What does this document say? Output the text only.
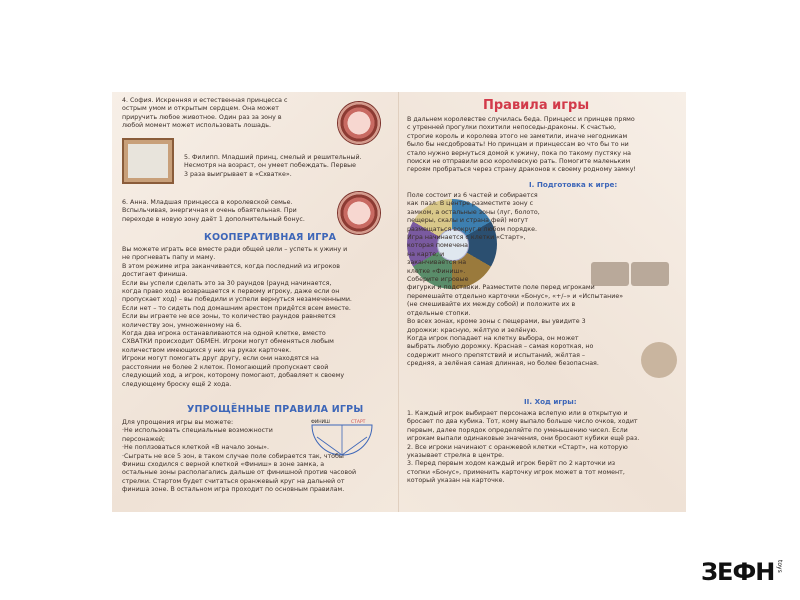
4. София. Искренняя и естественная принцесса с
острым умом и открытым сердцем. Она может
приручить любое животное. Один раз за зону в
любой момент может использовать лошадь.
5. Филипп. Младший принц, смелый и решительный.
Несмотря на возраст, он умеет побеждать. Первые
3 раза выигрывает в «Схватке».
6. Анна. Младшая принцесса в королевской семье.
Вспыльчивая, энергичная и очень обаятельная. При
переходе в новую зону даёт 1 дополнительный бонус.
КООПЕРАТИВНАЯ ИГРА
Вы можете играть все вместе ради общей цели – успеть к ужину и
не прогневать папу и маму.
В этом режиме игра заканчивается, когда последний из игроков
достигает финиша.
Если вы успели сделать это за 30 раундов (раунд начинается,
когда право хода возвращается к первому игроку, даже если он
пропускает ход) – вы победили и успели вернуться незамеченными.
Если нет – то сидеть под домашним арестом придётся всем вместе.
Если вы играете не все зоны, то количество раундов равняется
количеству зон, умноженному на 6.
Когда два игрока останавливаются на одной клетке, вместо
СХВАТКИ происходит ОБМЕН. Игроки могут обменяться любым
количеством имеющихся у них на руках карточек.
Игроки могут помогать друг другу, если они находятся на
расстоянии не более 2 клеток. Помогающий пропускает свой
следующий ход, а игрок, которому помогают, добавляет к своему
следующему броску ещё 2 хода.
УПРОЩЁННЫЕ ПРАВИЛА ИГРЫ
ФИНИШ	СТАРТ
Для упрощения игры вы можете:
·Не использовать специальные возможности
персонажей;
·Не поплзоваться клеткой «В начало зоны».
·Сыграть не все 5 зон, в таком случае поле собирается так, чтобы
Финиш сходился с верной клеткой «Финиш» в зоне замка, а
остальные зоны располагались дальше от финишной против часовой
стрелки. Стартом будет считаться оранжевый круг на дальней от
финиша зоне. В остальном игра проходит по основным правилам.
Правила игры
В дальнем королевстве случилась беда. Принцесс и принцев прямо
с утренней прогулки похитили непоседы-драконы. К счастью,
строгие король и королева этого не заметили, иначе негодникам
было бы несдобровать! Но принцам и принцессам во что бы то ни
стало нужно вернуться домой к ужину, пока по такому пустяку на
поиски не отправили всю королевскую рать. Помогите маленьким
героям пробраться через страну драконов к своему родному замку!
I. Подготовка к игре:
Поле состоит из 6 частей и собирается
как пазл. В центре разместите зону с
замком, а остальные зоны (луг, болото,
пещеры, скалы и страна фей) могут
размещаться вокруг в любом порядке.
Игра начинается с клетки «Старт»,
которая помечена
на карте, и
заканчивается на
клетке «Финиш».
Соберите игровые
фигурки и подставки. Разместите поле перед игроками
перемешайте отдельно карточки «Бонус», «+/–» и «Испытание»
(не смешивайте их между собой) и положите их в
отдельные стопки.
Во всех зонах, кроме зоны с пещерами, вы увидите 3
дорожки: красную, жёлтую и зелёную.
Когда игрок попадает на клетку выбора, он может
выбрать любую дорожку. Красная – самая короткая, но
содержит много препятствий и испытаний, жёлтая –
средняя, а зелёная самая длинная, но более безопасная.
II. Ход игры:
1. Каждый игрок выбирает персонажа вслепую или в открытую и
бросает по два кубика. Тот, кому выпало больше число очков, ходит
первым, далее порядок определяйте по уменьшению чисел. Если
игрокам выпали одинаковые значения, они бросают кубики ещё раз.
2. Все игроки начинают с оранжевой клетки «Старт», на которую
указывает стрелка в центре.
3. Перед первым ходом каждый игрок берёт по 2 карточки из
стопки «Бонус», применить карточку игрок может в тот момент,
который указан на карточке.
ЗЕФН toys
